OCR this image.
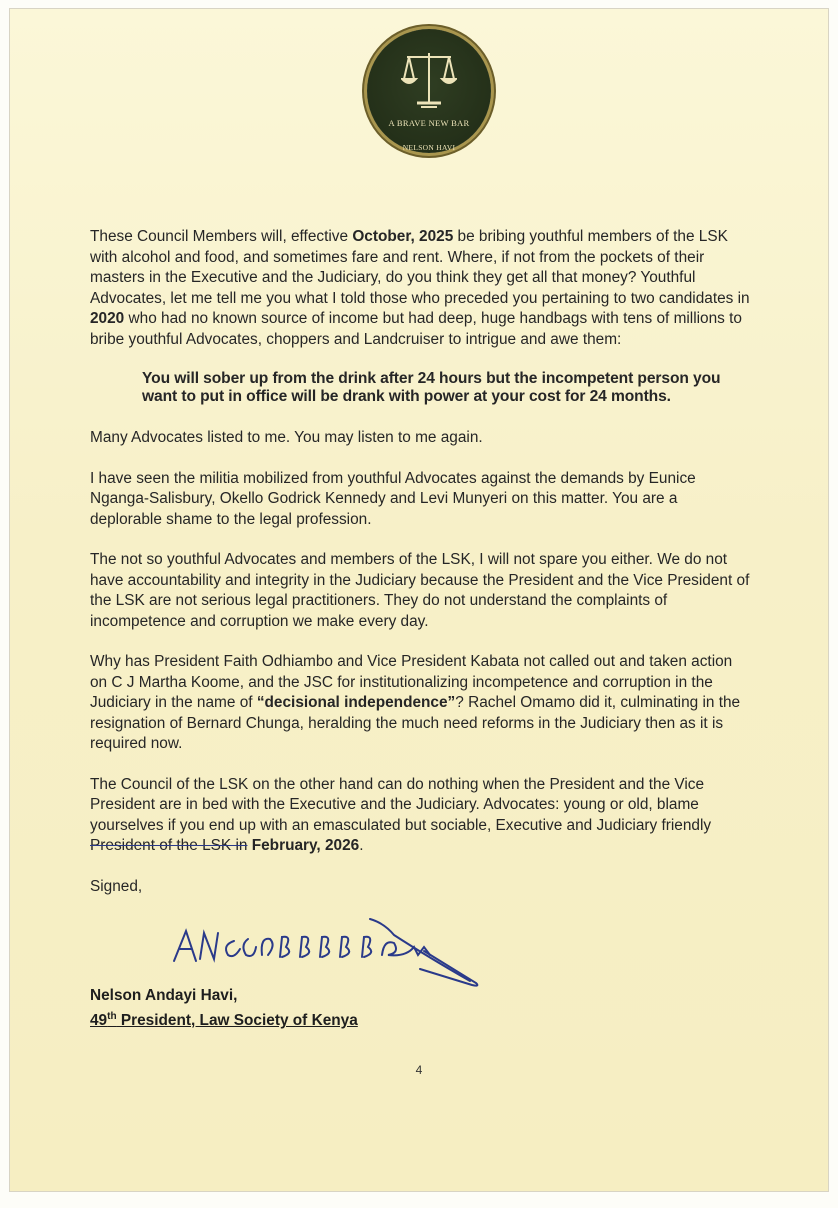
A BRAVE NEW BAR
NELSON HAVI

These Council Members will, effective October, 2025 be bribing youthful members of the LSK with alcohol and food, and sometimes fare and rent. Where, if not from the pockets of their masters in the Executive and the Judiciary, do you think they get all that money? Youthful Advocates, let me tell me you what I told those who preceded you pertaining to two candidates in 2020 who had no known source of income but had deep, huge handbags with tens of millions to bribe youthful Advocates, choppers and Landcruiser to intrigue and awe them:

You will sober up from the drink after 24 hours but the incompetent person you want to put in office will be drank with power at your cost for 24 months.

Many Advocates listed to me. You may listen to me again.

I have seen the militia mobilized from youthful Advocates against the demands by Eunice Nganga-Salisbury, Okello Godrick Kennedy and Levi Munyeri on this matter. You are a deplorable shame to the legal profession.

The not so youthful Advocates and members of the LSK, I will not spare you either. We do not have accountability and integrity in the Judiciary because the President and the Vice President of the LSK are not serious legal practitioners. They do not understand the complaints of incompetence and corruption we make every day.

Why has President Faith Odhiambo and Vice President Kabata not called out and taken action on C J Martha Koome, and the JSC for institutionalizing incompetence and corruption in the Judiciary in the name of “decisional independence”? Rachel Omamo did it, culminating in the resignation of Bernard Chunga, heralding the much need reforms in the Judiciary then as it is required now.

The Council of the LSK on the other hand can do nothing when the President and the Vice President are in bed with the Executive and the Judiciary. Advocates: young or old, blame yourselves if you end up with an emasculated but sociable, Executive and Judiciary friendly President of the LSK in February, 2026.

Signed,

Nelson Andayi Havi,
49th President, Law Society of Kenya
4
